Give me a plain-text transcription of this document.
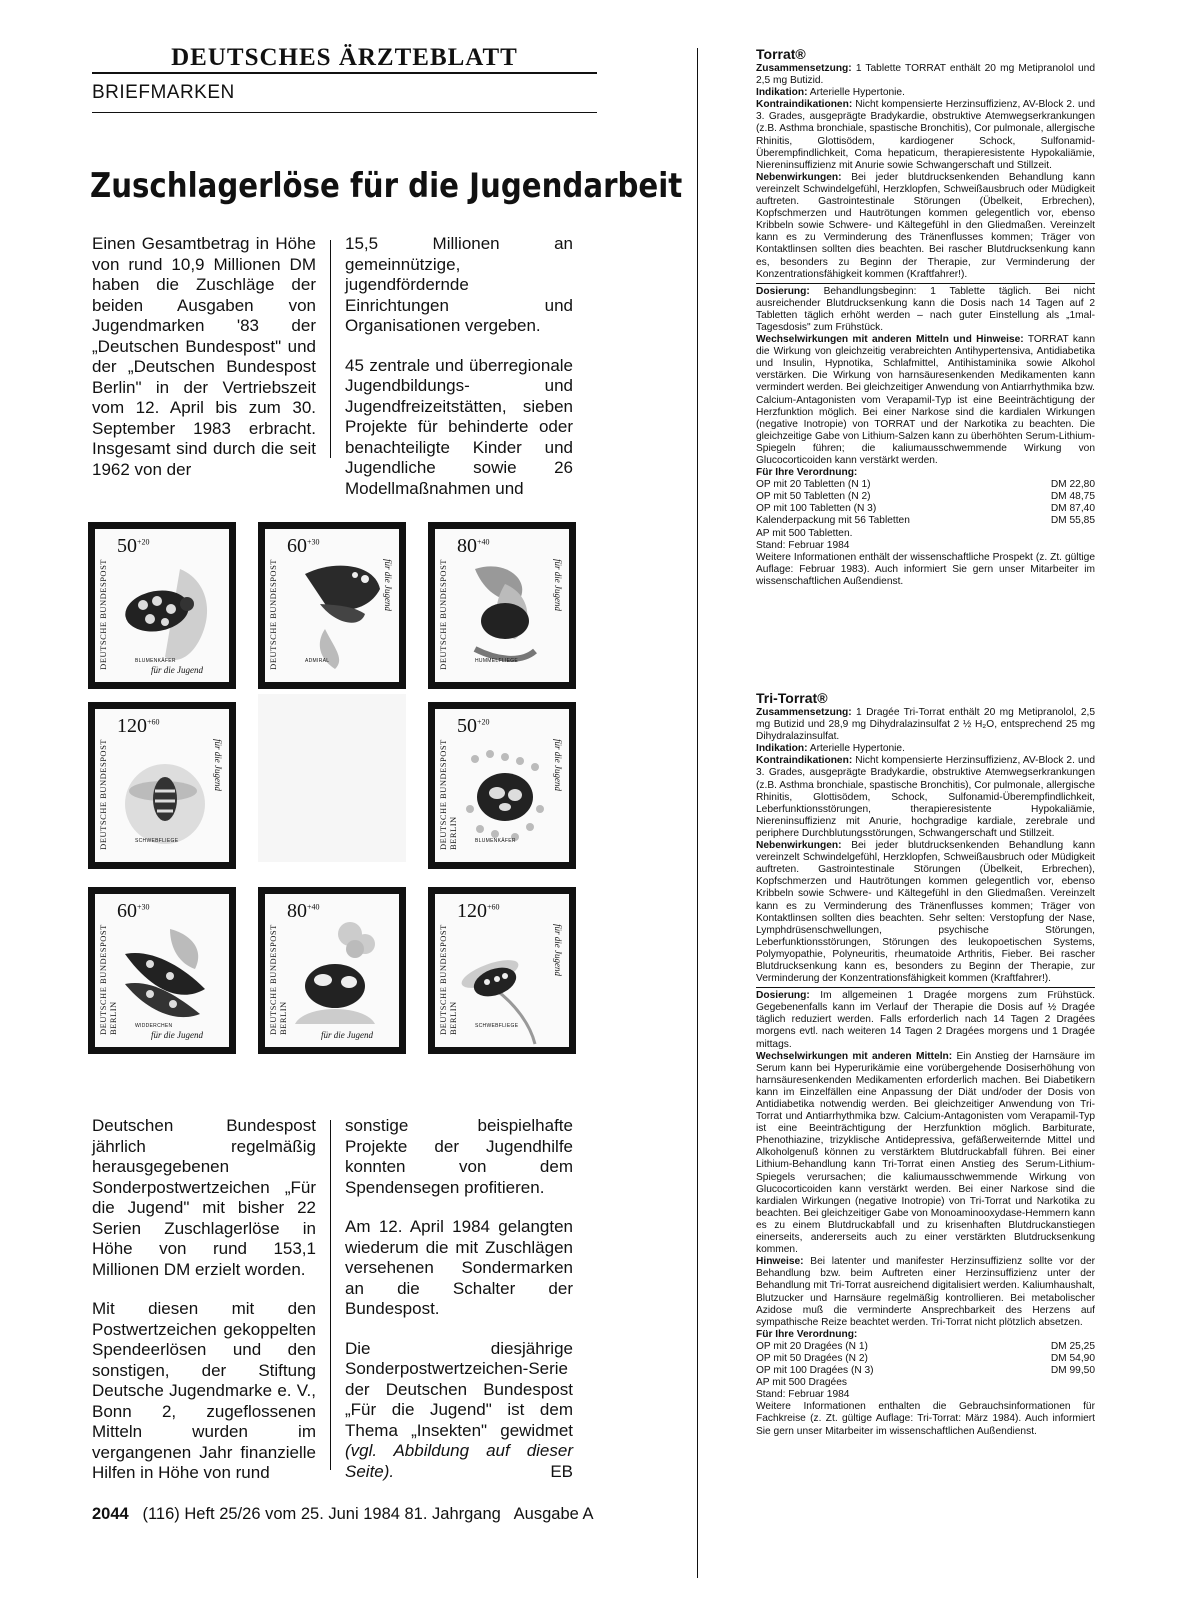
DEUTSCHES ÄRZTEBLATT
BRIEFMARKEN
Zuschlagerlöse für die Jugendarbeit

Einen Gesamtbetrag in Höhe von rund 10,9 Millionen DM haben die Zuschläge der beiden Ausgaben von Jugendmarken '83 der „Deutschen Bundespost" und der „Deutschen Bundespost Berlin" in der Vertriebszeit vom 12. April bis zum 30. September 1983 erbracht. Insgesamt sind durch die seit 1962 von der

15,5 Millionen an gemeinnützige, jugendfördernde Einrichtungen und Organisationen vergeben.

45 zentrale und überregionale Jugendbildungs- und Jugendfreizeitstätten, sieben Projekte für behinderte oder benachteiligte Kinder und Jugendliche sowie 26 Modellmaßnahmen und

$50^{+20}$
DEUTSCHE BUNDESPOST	BLUMENKÄFER
für die Jugend
$60^{+30}$
DEUTSCHE BUNDESPOST	ADMIRAL
für die Jugend
$80^{+40}$
DEUTSCHE BUNDESPOST	HUMMELFLIEGE
für die Jugend
$120^{+60}$
DEUTSCHE BUNDESPOST	SCHWEBFLIEGE
für die Jugend
$50^{+20}$
DEUTSCHE BUNDESPOST BERLIN	BLUMENKÄFER
für die Jugend
$60^{+30}$
DEUTSCHE BUNDESPOST BERLIN	WIDDERCHEN
für die Jugend
$80^{+40}$
DEUTSCHE BUNDESPOST BERLIN	für die Jugend
$120^{+60}$
DEUTSCHE BUNDESPOST BERLIN	SCHWEBFLIEGE
für die Jugend

Deutschen Bundespost jährlich regelmäßig herausgegebenen Sonderpostwertzeichen „Für die Jugend" mit bisher 22 Serien Zuschlagerlöse in Höhe von rund 153,1 Millionen DM erzielt worden.

Mit diesen mit den Postwertzeichen gekoppelten Spendeerlösen und den sonstigen, der Stiftung Deutsche Jugendmarke e. V., Bonn 2, zugeflossenen Mitteln wurden im vergangenen Jahr finanzielle Hilfen in Höhe von rund

sonstige beispielhafte Projekte der Jugendhilfe konnten von dem Spendensegen profitieren.

Am 12. April 1984 gelangten wiederum die mit Zuschlägen versehenen Sondermarken an die Schalter der Bundespost.

Die diesjährige Sonderpostwertzeichen-Serie der Deutschen Bundespost „Für die Jugend" ist dem Thema „Insekten" gewidmet (vgl. Abbildung auf dieser Seite).	EB

2044 (116) Heft 25/26 vom 25. Juni 1984 81. Jahrgang Ausgabe A
Torrat®
Zusammensetzung: 1 Tablette TORRAT enthält 20 mg Metipranolol und 2,5 mg Butizid.
Indikation: Arterielle Hypertonie.
Kontraindikationen: Nicht kompensierte Herzinsuffizienz, AV-Block 2. und 3. Grades, ausgeprägte Bradykardie, obstruktive Atemwegserkrankungen (z.B. Asthma bronchiale, spastische Bronchitis), Cor pulmonale, allergische Rhinitis, Glottisödem, kardiogener Schock, Sulfonamid-Überempfindlichkeit, Coma hepaticum, therapieresistente Hypokaliämie, Niereninsuffizienz mit Anurie sowie Schwangerschaft und Stillzeit.
Nebenwirkungen: Bei jeder blutdrucksenkenden Behandlung kann vereinzelt Schwindelgefühl, Herzklopfen, Schweißausbruch oder Müdigkeit auftreten. Gastrointestinale Störungen (Übelkeit, Erbrechen), Kopfschmerzen und Hautrötungen kommen gelegentlich vor, ebenso Kribbeln sowie Schwere- und Kältegefühl in den Gliedmaßen. Vereinzelt kann es zu Verminderung des Tränenflusses kommen; Träger von Kontaktlinsen sollten dies beachten. Bei rascher Blutdrucksenkung kann es, besonders zu Beginn der Therapie, zur Verminderung der Konzentrationsfähigkeit kommen (Kraftfahrer!).
Dosierung: Behandlungsbeginn: 1 Tablette täglich. Bei nicht ausreichender Blutdrucksenkung kann die Dosis nach 14 Tagen auf 2 Tabletten täglich erhöht werden – nach guter Einstellung als „1mal-Tagesdosis" zum Frühstück.
Wechselwirkungen mit anderen Mitteln und Hinweise: TORRAT kann die Wirkung von gleichzeitig verabreichten Antihypertensiva, Antidiabetika und Insulin, Hypnotika, Schlafmittel, Antihistaminika sowie Alkohol verstärken. Die Wirkung von harnsäuresenkenden Medikamenten kann vermindert werden. Bei gleichzeitiger Anwendung von Antiarrhythmika bzw. Calcium-Antagonisten vom Verapamil-Typ ist eine Beeinträchtigung der Herzfunktion möglich. Bei einer Narkose sind die kardialen Wirkungen (negative Inotropie) von TORRAT und der Narkotika zu beachten. Die gleichzeitige Gabe von Lithium-Salzen kann zu überhöhten Serum-Lithium-Spiegeln führen; die kaliumausschwemmende Wirkung von Glucocorticoiden kann verstärkt werden.
Für Ihre Verordnung:
OP mit 20 Tabletten (N 1)	DM 22,80
OP mit 50 Tabletten (N 2)	DM 48,75
OP mit 100 Tabletten (N 3)	DM 87,40
Kalenderpackung mit 56 Tabletten	DM 55,85
AP mit 500 Tabletten.
Stand: Februar 1984
Weitere Informationen enthält der wissenschaftliche Prospekt (z. Zt. gültige Auflage: Februar 1983). Auch informiert Sie gern unser Mitarbeiter im wissenschaftlichen Außendienst.
Tri-Torrat®
Zusammensetzung: 1 Dragée Tri-Torrat enthält 20 mg Metipranolol, 2,5 mg Butizid und 28,9 mg Dihydralazinsulfat 2 ½ H₂O, entsprechend 25 mg Dihydralazinsulfat.
Indikation: Arterielle Hypertonie.
Kontraindikationen: Nicht kompensierte Herzinsuffizienz, AV-Block 2. und 3. Grades, ausgeprägte Bradykardie, obstruktive Atemwegserkrankungen (z.B. Asthma bronchiale, spastische Bronchitis), Cor pulmonale, allergische Rhinitis, Glottisödem, Schock, Sulfonamid-Überempfindlichkeit, Leberfunktionsstörungen, therapieresistente Hypokaliämie, Niereninsuffizienz mit Anurie, hochgradige kardiale, zerebrale und periphere Durchblutungsstörungen, Schwangerschaft und Stillzeit.
Nebenwirkungen: Bei jeder blutdrucksenkenden Behandlung kann vereinzelt Schwindelgefühl, Herzklopfen, Schweißausbruch oder Müdigkeit auftreten. Gastrointestinale Störungen (Übelkeit, Erbrechen), Kopfschmerzen und Hautrötungen kommen gelegentlich vor, ebenso Kribbeln sowie Schwere- und Kältegefühl in den Gliedmaßen. Vereinzelt kann es zu Verminderung des Tränenflusses kommen; Träger von Kontaktlinsen sollten dies beachten. Sehr selten: Verstopfung der Nase, Lymphdrüsenschwellungen, psychische Störungen, Leberfunktionsstörungen, Störungen des leukopoetischen Systems, Polymyopathie, Polyneuritis, rheumatoide Arthritis, Fieber. Bei rascher Blutdrucksenkung kann es, besonders zu Beginn der Therapie, zur Verminderung der Konzentrationsfähigkeit kommen (Kraftfahrer!).
Dosierung: Im allgemeinen 1 Dragée morgens zum Frühstück. Gegebenenfalls kann im Verlauf der Therapie die Dosis auf ½ Dragée täglich reduziert werden. Falls erforderlich nach 14 Tagen 2 Dragées morgens evtl. nach weiteren 14 Tagen 2 Dragées morgens und 1 Dragée mittags.
Wechselwirkungen mit anderen Mitteln: Ein Anstieg der Harnsäure im Serum kann bei Hyperurikämie eine vorübergehende Dosiserhöhung von harnsäuresenkenden Medikamenten erforderlich machen. Bei Diabetikern kann im Einzelfällen eine Anpassung der Diät und/oder der Dosis von Antidiabetika notwendig werden. Bei gleichzeitiger Anwendung von Tri-Torrat und Antiarrhythmika bzw. Calcium-Antagonisten vom Verapamil-Typ ist eine Beeinträchtigung der Herzfunktion möglich. Barbiturate, Phenothiazine, trizyklische Antidepressiva, gefäßerweiternde Mittel und Alkoholgenuß können zu verstärktem Blutdruckabfall führen. Bei einer Lithium-Behandlung kann Tri-Torrat einen Anstieg des Serum-Lithium-Spiegels verursachen; die kaliumausschwemmende Wirkung von Glucocorticoiden kann verstärkt werden. Bei einer Narkose sind die kardialen Wirkungen (negative Inotropie) von Tri-Torrat und Narkotika zu beachten. Bei gleichzeitiger Gabe von Monoaminooxydase-Hemmern kann es zu einem Blutdruckabfall und zu krisenhaften Blutdruckanstiegen einerseits, andererseits auch zu einer verstärkten Blutdrucksenkung kommen.
Hinweise: Bei latenter und manifester Herzinsuffizienz sollte vor der Behandlung bzw. beim Auftreten einer Herzinsuffizienz unter der Behandlung mit Tri-Torrat ausreichend digitalisiert werden. Kaliumhaushalt, Blutzucker und Harnsäure regelmäßig kontrollieren. Bei metabolischer Azidose muß die verminderte Ansprechbarkeit des Herzens auf sympathische Reize beachtet werden. Tri-Torrat nicht plötzlich absetzen.
Für Ihre Verordnung:
OP mit 20 Dragées (N 1)	DM 25,25
OP mit 50 Dragées (N 2)	DM 54,90
OP mit 100 Dragées (N 3)	DM 99,50
AP mit 500 Dragées
Stand: Februar 1984
Weitere Informationen enthalten die Gebrauchsinformationen für Fachkreise (z. Zt. gültige Auflage: Tri-Torrat: März 1984). Auch informiert Sie gern unser Mitarbeiter im wissenschaftlichen Außendienst.
